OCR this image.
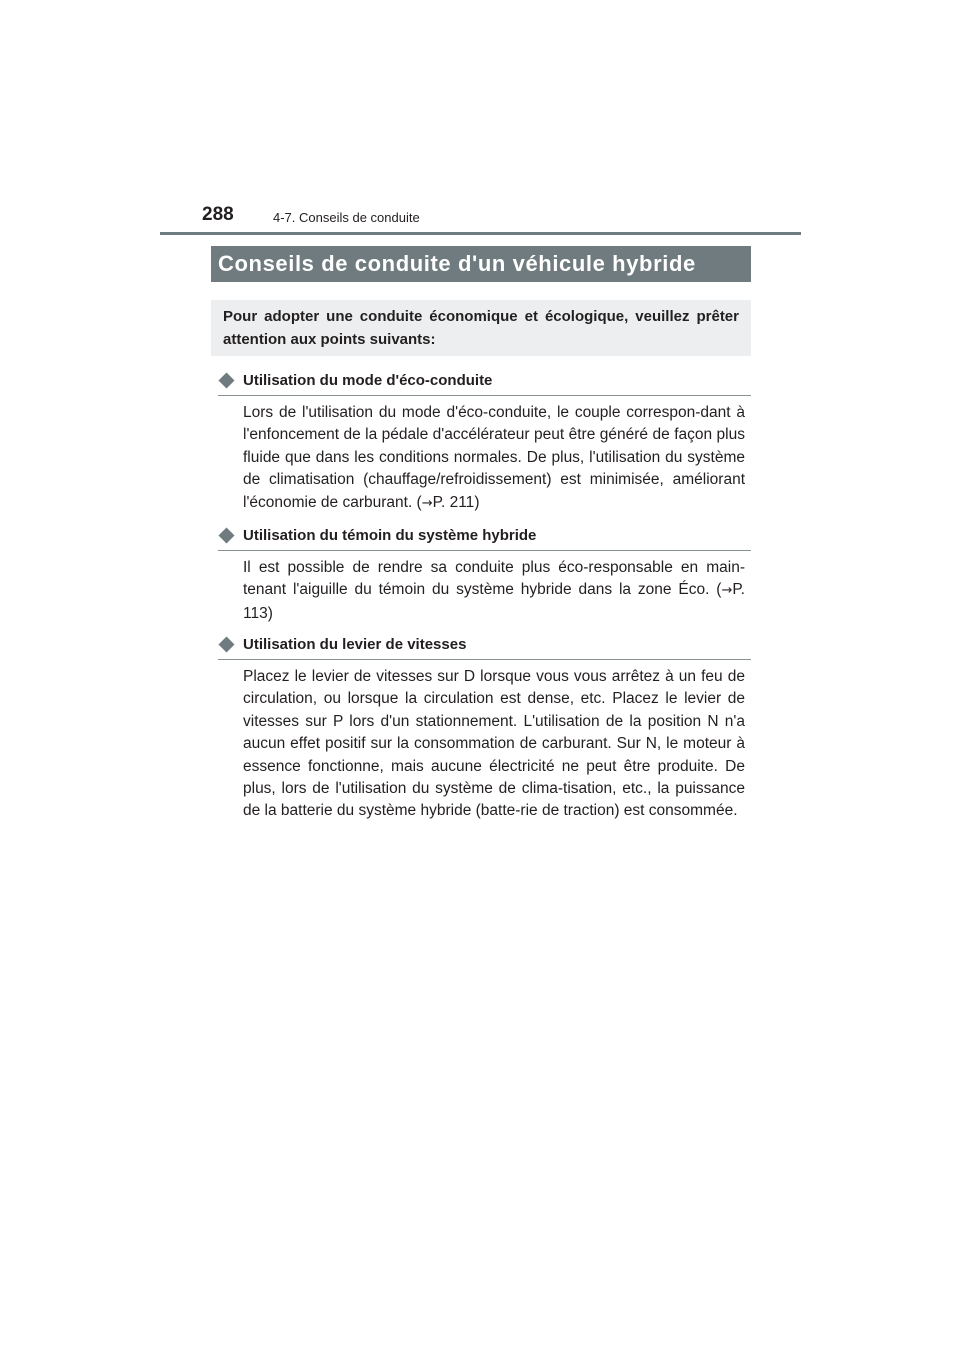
288	4-7. Conseils de conduite
Conseils de conduite d'un véhicule hybride

Pour adopter une conduite économique et écologique, veuillez prêter attention aux points suivants:

Utilisation du mode d'éco-conduite

Lors de l'utilisation du mode d'éco-conduite, le couple correspon-dant à l'enfoncement de la pédale d'accélérateur peut être généré de façon plus fluide que dans les conditions normales. De plus, l'utilisation du système de climatisation (chauffage/refroidissement) est minimisée, améliorant l'économie de carburant. (→P. 211)

Utilisation du témoin du système hybride

Il est possible de rendre sa conduite plus éco-responsable en main-tenant l'aiguille du témoin du système hybride dans la zone Éco. (→P. 113)

Utilisation du levier de vitesses

Placez le levier de vitesses sur D lorsque vous vous arrêtez à un feu de circulation, ou lorsque la circulation est dense, etc. Placez le levier de vitesses sur P lors d'un stationnement. L'utilisation de la position N n'a aucun effet positif sur la consommation de carburant. Sur N, le moteur à essence fonctionne, mais aucune électricité ne peut être produite. De plus, lors de l'utilisation du système de clima-tisation, etc., la puissance de la batterie du système hybride (batte-rie de traction) est consommée.
